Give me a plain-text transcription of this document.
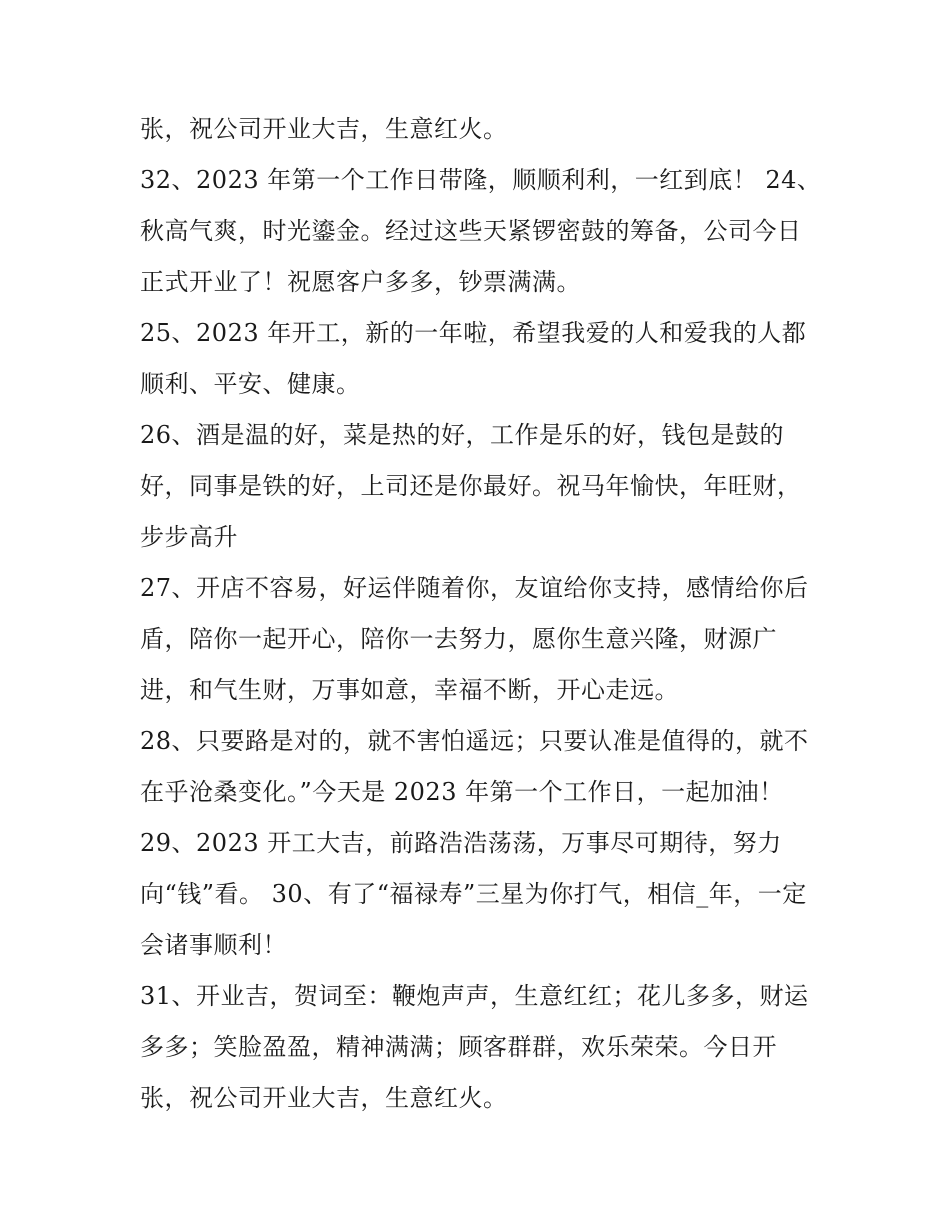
张，祝公司开业大吉，生意红火。
32、2023 年第一个工作日带隆，顺顺利利，一红到底！ 24、
秋高气爽，时光鎏金。经过这些天紧锣密鼓的筹备，公司今日
正式开业了！祝愿客户多多，钞票满满。
25、2023 年开工，新的一年啦，希望我爱的人和爱我的人都
顺利、平安、健康。
26、酒是温的好，菜是热的好，工作是乐的好，钱包是鼓的
好，同事是铁的好，上司还是你最好。祝马年愉快，年旺财，
步步高升
27、开店不容易，好运伴随着你，友谊给你支持，感情给你后
盾，陪你一起开心，陪你一去努力，愿你生意兴隆，财源广
进，和气生财，万事如意，幸福不断，开心走远。
28、只要路是对的，就不害怕遥远；只要认准是值得的，就不
在乎沧桑变化。”今天是 2023 年第一个工作日，一起加油！
29、2023 开工大吉，前路浩浩荡荡，万事尽可期待，努力
向“钱”看。 30、有了“福禄寿”三星为你打气，相信_年，一定
会诸事顺利！
31、开业吉，贺词至：鞭炮声声，生意红红；花儿多多，财运
多多；笑脸盈盈，精神满满；顾客群群，欢乐荣荣。今日开
张，祝公司开业大吉，生意红火。
